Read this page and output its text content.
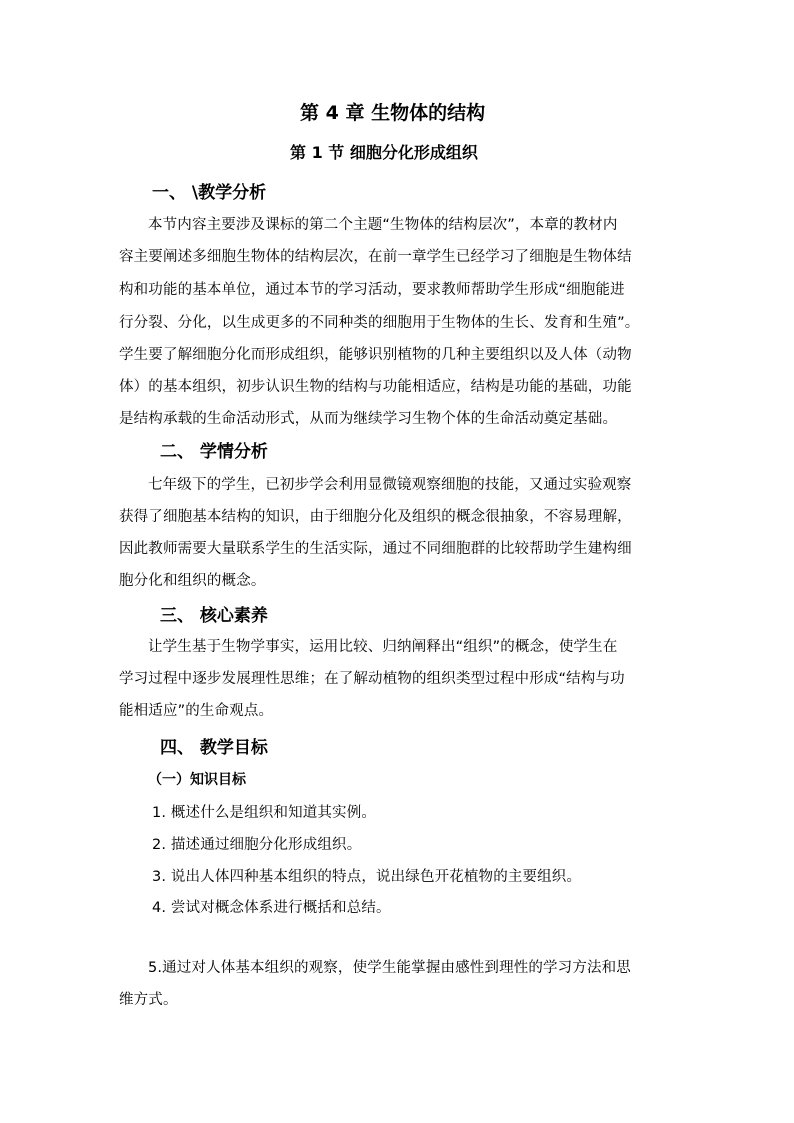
第 4 章 生物体的结构
第 1 节 细胞分化形成组织
一、 \教学分析
本节内容主要涉及课标的第二个主题“生物体的结构层次”，本章的教材内
容主要阐述多细胞生物体的结构层次，在前一章学生已经学习了细胞是生物体结
构和功能的基本单位，通过本节的学习活动，要求教师帮助学生形成“细胞能进
行分裂、分化，以生成更多的不同种类的细胞用于生物体的生长、发育和生殖”。
学生要了解细胞分化而形成组织，能够识别植物的几种主要组织以及人体（动物
体）的基本组织，初步认识生物的结构与功能相适应，结构是功能的基础，功能
是结构承载的生命活动形式，从而为继续学习生物个体的生命活动奠定基础。
二、 学情分析
七年级下的学生，已初步学会利用显微镜观察细胞的技能，又通过实验观察
获得了细胞基本结构的知识，由于细胞分化及组织的概念很抽象，不容易理解，
因此教师需要大量联系学生的生活实际，通过不同细胞群的比较帮助学生建构细
胞分化和组织的概念。
三、 核心素养
让学生基于生物学事实，运用比较、归纳阐释出“组织”的概念，使学生在
学习过程中逐步发展理性思维；在了解动植物的组织类型过程中形成“结构与功
能相适应”的生命观点。
四、 教学目标
（一）知识目标
1. 概述什么是组织和知道其实例。
2. 描述通过细胞分化形成组织。
3. 说出人体四种基本组织的特点，说出绿色开花植物的主要组织。
4. 尝试对概念体系进行概括和总结。
5.通过对人体基本组织的观察，使学生能掌握由感性到理性的学习方法和思
维方式。
